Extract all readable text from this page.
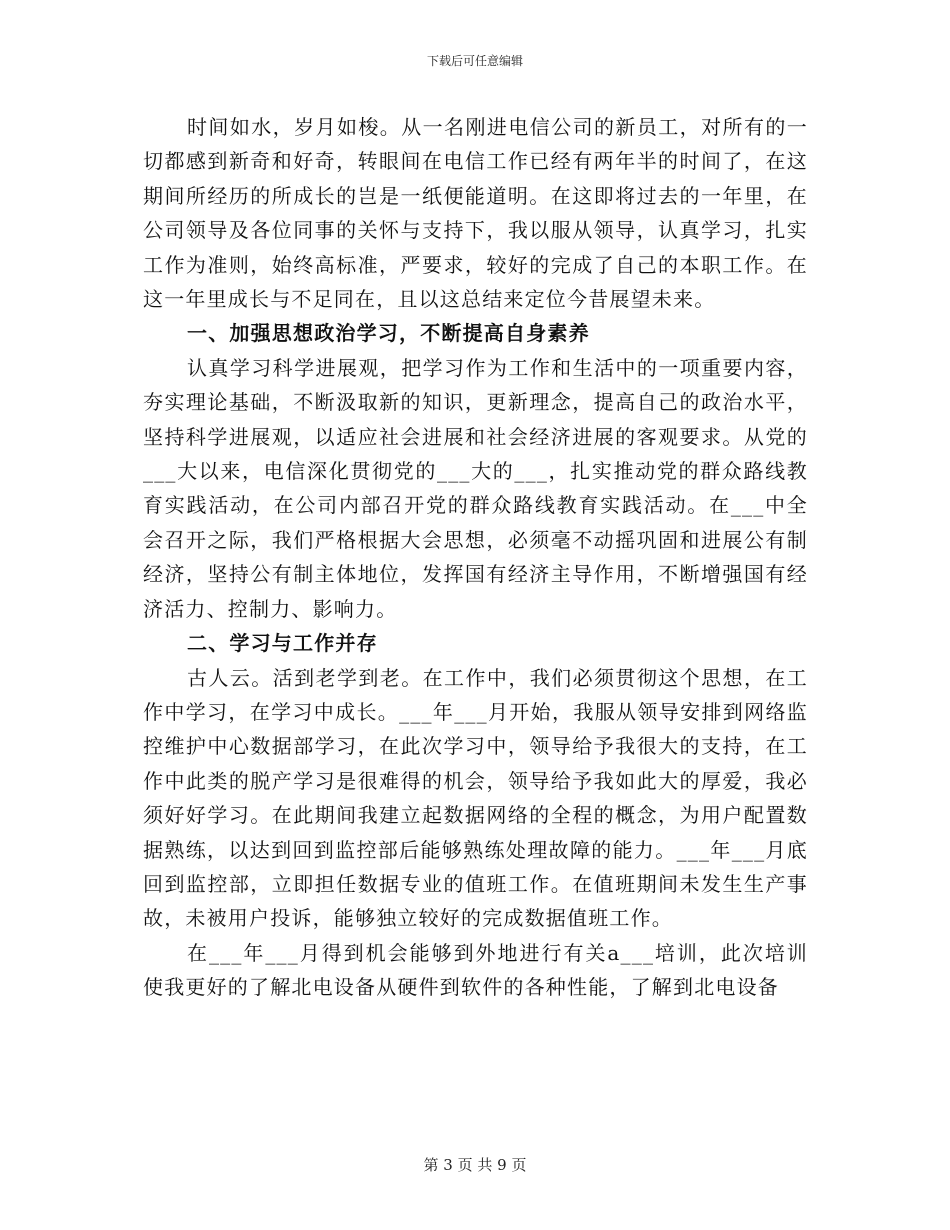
下载后可任意编辑

时间如水，岁月如梭。从一名刚进电信公司的新员工，对所有的一切都感到新奇和好奇，转眼间在电信工作已经有两年半的时间了，在这期间所经历的所成长的岂是一纸便能道明。在这即将过去的一年里，在公司领导及各位同事的关怀与支持下，我以服从领导，认真学习，扎实工作为准则，始终高标准，严要求，较好的完成了自己的本职工作。在这一年里成长与不足同在，且以这总结来定位今昔展望未来。

一、加强思想政治学习，不断提高自身素养

认真学习科学进展观，把学习作为工作和生活中的一项重要内容，夯实理论基础，不断汲取新的知识，更新理念，提高自己的政治水平，坚持科学进展观，以适应社会进展和社会经济进展的客观要求。从党的___大以来，电信深化贯彻党的___大的___，扎实推动党的群众路线教育实践活动，在公司内部召开党的群众路线教育实践活动。在___中全会召开之际，我们严格根据大会思想，必须毫不动摇巩固和进展公有制经济，坚持公有制主体地位，发挥国有经济主导作用，不断增强国有经济活力、控制力、影响力。

二、学习与工作并存

古人云。活到老学到老。在工作中，我们必须贯彻这个思想，在工作中学习，在学习中成长。___年___月开始，我服从领导安排到网络监控维护中心数据部学习，在此次学习中，领导给予我很大的支持，在工作中此类的脱产学习是很难得的机会，领导给予我如此大的厚爱，我必须好好学习。在此期间我建立起数据网络的全程的概念，为用户配置数据熟练，以达到回到监控部后能够熟练处理故障的能力。___年___月底回到监控部，立即担任数据专业的值班工作。在值班期间未发生生产事故，未被用户投诉，能够独立较好的完成数据值班工作。

在___年___月得到机会能够到外地进行有关a___培训，此次培训使我更好的了解北电设备从硬件到软件的各种性能，了解到北电设备

第 3 页 共 9 页
